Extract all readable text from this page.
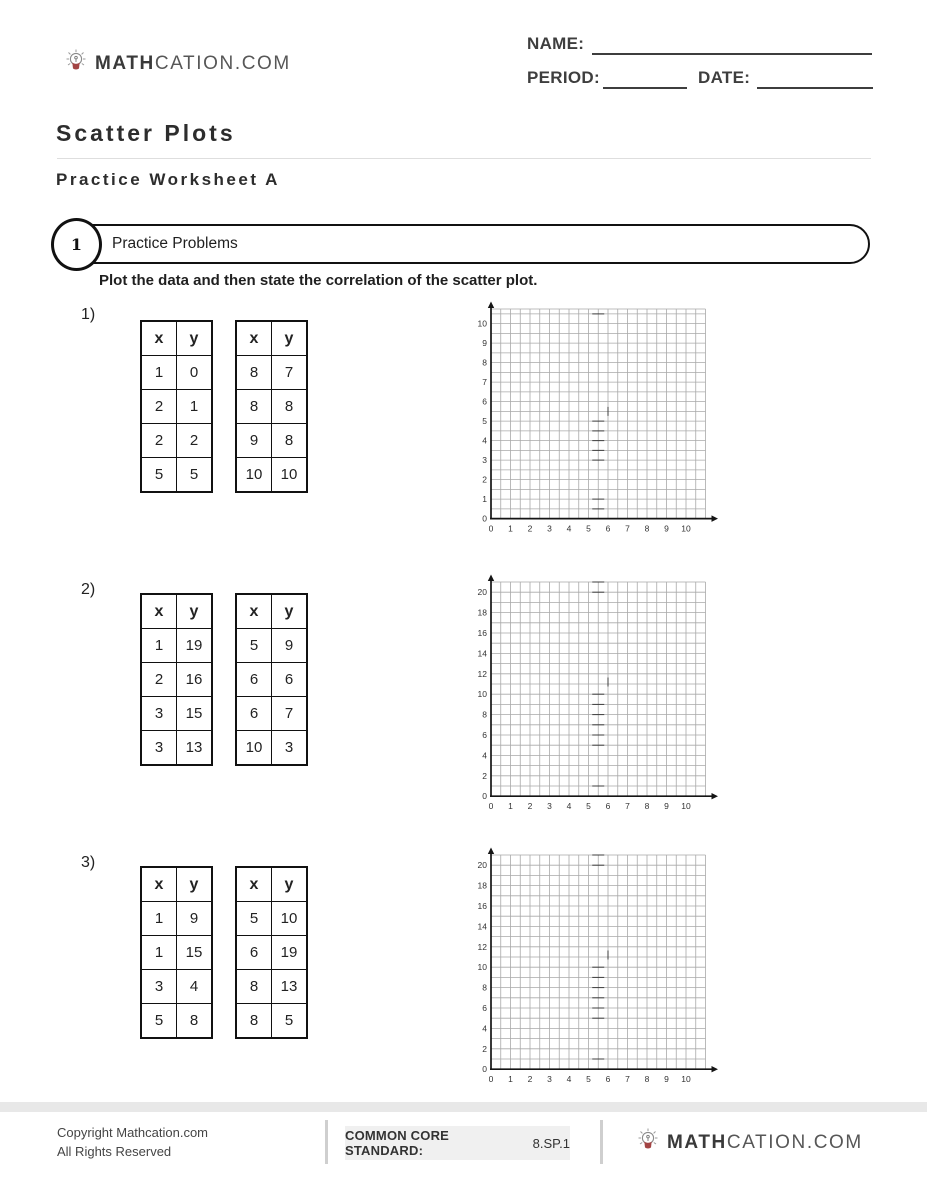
MATHCATION.COM
NAME:
PERIOD:	DATE:
Scatter Plots
Practice Worksheet A
1	Practice Problems
Plot the data and then state the correlation of the scatter plot.
1)
x	y
1	0
2	1
2	2
5	5
x	y
8	7
8	8
9	8
10	10
0 1 2 3 4 5 6 7 8 9 10
0
1
2
3
4
5
6
7
8
9
10
2)
x	y
1	19
2	16
3	15
3	13
x	y
5	9
6	6
6	7
10	3
0 1 2 3 4 5 6 7 8 9 10
0
2
4
6
8
10
12
14
16
18
20
3)
x	y
1	9
1	15
3	4
5	8
x	y
5	10
6	19
8	13
8	5
0 1 2 3 4 5 6 7 8 9 10
0
2
4
6
8
10
12
14
16
18
20
Copyright Mathcation.com
All Rights Reserved
COMMON CORE STANDARD:	8.SP.1	MATHCATION.COM
